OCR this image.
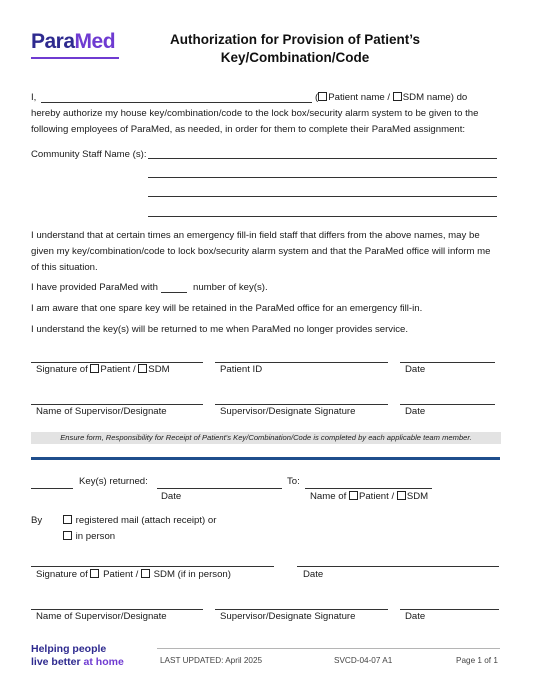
ParaMed	Authorization for Provision of Patient’s
Key/Combination/Code
I,	( Patient name / SDM name) do
hereby authorize my house key/combination/code to the lock box/security alarm system to be given to the
following employees of ParaMed, as needed, in order for them to complete their ParaMed assignment:
Community Staff Name (s):
I understand that at certain times an emergency fill-in field staff that differs from the above names, may be
given my key/combination/code to lock box/security alarm system and that the ParaMed office will inform me
of this situation.
I have provided ParaMed with	number of key(s).
I am aware that one spare key will be retained in the ParaMed office for an emergency fill-in.
I understand the key(s) will be returned to me when ParaMed no longer provides service.
Signature of Patient / SDM	Patient ID	Date
Name of Supervisor/Designate	Supervisor/Designate Signature	Date
Ensure form, Responsibility for Receipt of Patient’s Key/Combination/Code is completed by each applicable team member.
Key(s) returned:	To:
Date	Name of Patient / SDM
By	registered mail (attach receipt) or
in person
Signature of Patient / SDM (if in person)	Date
Name of Supervisor/Designate	Supervisor/Designate Signature	Date
Helping people
live better at home	LAST UPDATED: April 2025	SVCD-04-07 A1	Page 1 of 1
